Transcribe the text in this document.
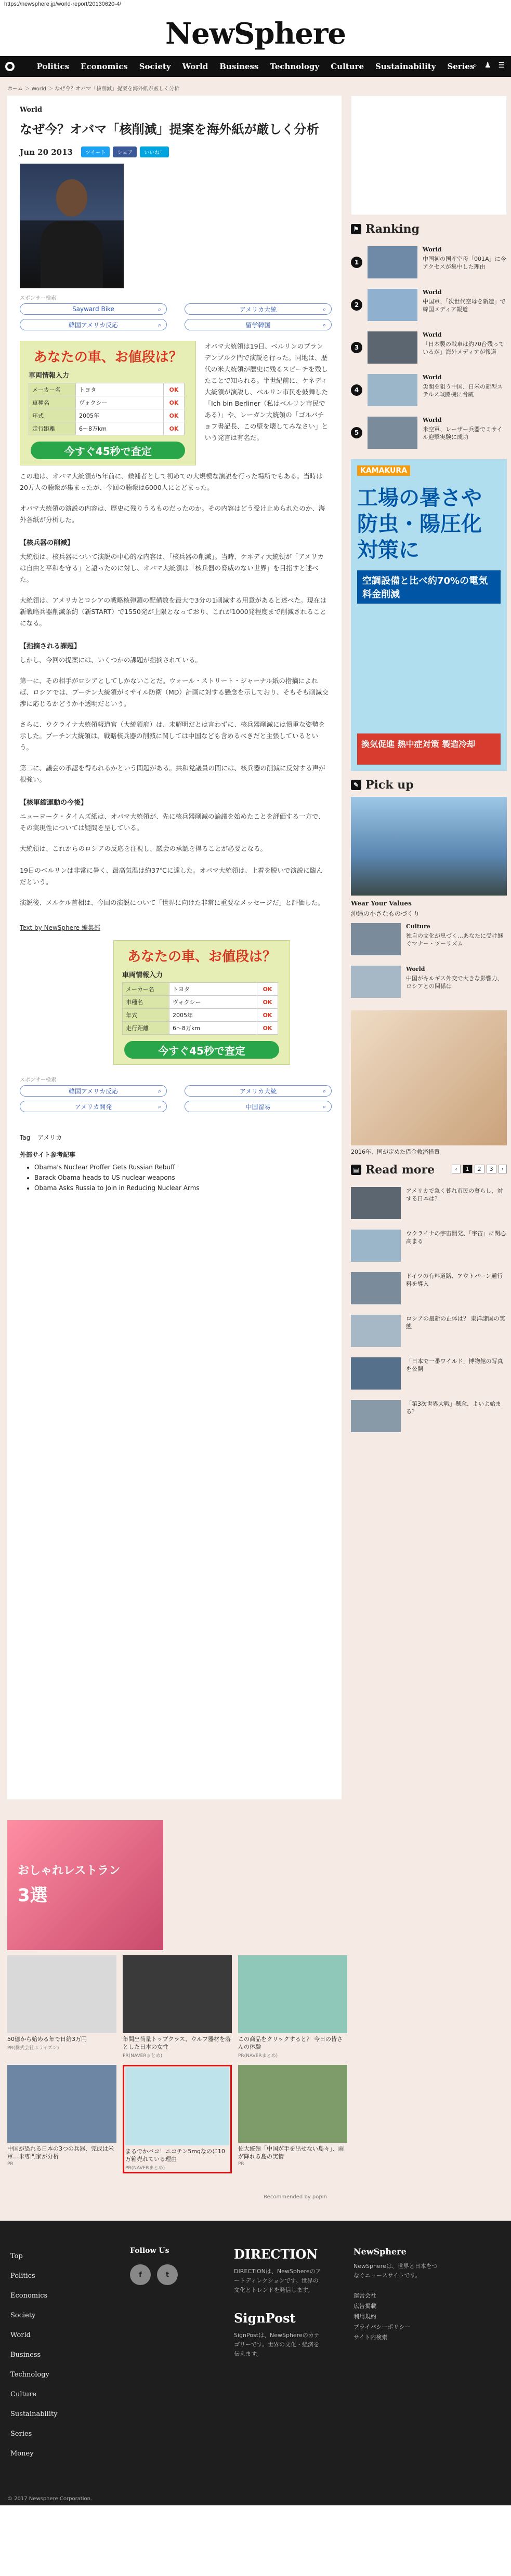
https://newsphere.jp/world-report/20130620-4/
NewSphere
Politics Economics Society World Business Technology Culture Sustainability Series
⌕ ♟ ☰
ホーム ＞ World ＞ なぜ今？オバマ「核削減」提案を海外紙が厳しく分析
World
なぜ今？オバマ「核削減」提案を海外紙が厳しく分析
Jun 20 2013	ツイート	シェア	いいね！
スポンサー検索
Sayward Bike	⌕	アメリカ大統	⌕
韓国アメリカ反応	⌕	留学韓国	⌕
あなたの車、お値段は？
車両情報入力
メーカー名	トヨタ	OK
車種名	ヴォクシー	OK
年式	2005年	OK
走行距離	6〜8万km	OK
今すぐ45秒で査定

オバマ大統領は19日、ベルリンのブランデンブルク門で演説を行った。同地は、歴代の米大統領が歴史に残るスピーチを残したことで知られる。半世紀前に、ケネディ大統領が演説し、ベルリン市民を鼓舞した「Ich bin Berliner（私はベルリン市民である）」や、レーガン大統領の「ゴルバチョフ書記長、この壁を壊してみなさい」という発言は有名だ。

この地は、オバマ大統領が5年前に、候補者として初めての大規模な演説を行った場所でもある。当時は20万人の聴衆が集まったが、今回の聴衆は6000人にとどまった。

オバマ大統領の演説の内容は、歴史に残りうるものだったのか。その内容はどう受け止められたのか、海外各紙が分析した。

【核兵器の削減】

大統領は、核兵器について演説の中心的な内容は、「核兵器の削減」。当時、ケネディ大統領が「アメリカは自由と平和を守る」と語ったのに対し、オバマ大統領は「核兵器の脅威のない世界」を目指すと述べた。

大統領は、アメリカとロシアの戦略核弾頭の配備数を最大で3分の1削減する用意があると述べた。現在は新戦略兵器削減条約（新START）で1550発が上限となっており、これが1000発程度まで削減されることになる。

【指摘される課題】

しかし、今回の提案には、いくつかの課題が指摘されている。

第一に、その相手がロシアとしてしかないことだ。ウォール・ストリート・ジャーナル紙の指摘によれば、ロシアでは、プーチン大統領がミサイル防衛（MD）計画に対する懸念を示しており、そもそも削減交渉に応じるかどうか不透明だという。

さらに、ウクライナ大統領報道官（大統領府）は、未解明だとは言わずに、核兵器削減には慎重な姿勢を示した。プーチン大統領は、戦略核兵器の削減に関しては中国なども含めるべきだと主張しているという。

第二に、議会の承認を得られるかという問題がある。共和党議員の間には、核兵器の削減に反対する声が根強い。

【核軍縮運動の今後】

ニューヨーク・タイムズ紙は、オバマ大統領が、先に核兵器削減の論議を始めたことを評価する一方で、その実現性については疑問を呈している。

大統領は、これからのロシアの反応を注視し、議会の承認を得ることが必要となる。

19日のベルリンは非常に暑く、最高気温は約37℃に達した。オバマ大統領は、上着を脱いで演説に臨んだという。

演説後、メルケル首相は、今回の演説について「世界に向けた非常に重要なメッセージだ」と評価した。

Text by NewSphere 編集部
あなたの車、お値段は？
車両情報入力
メーカー名	トヨタ	OK
車種名	ヴォクシー	OK
年式	2005年	OK
走行距離	6〜8万km	OK
今すぐ45秒で査定
スポンサー検索
韓国アメリカ反応	⌕	アメリカ大統	⌕
アメリカ開発	⌕	中国留易	⌕
Tag アメリカ
外部サイト参考記事
• Obama's Nuclear Proffer Gets Russian Rebuff
• Barack Obama heads to US nuclear weapons
• Obama Asks Russia to Join in Reducing Nuclear Arms
⚑ Ranking
1
World
中国初の国産空母「001A」に今アクセスが集中した理由
2
World
中国軍、「次世代空母を新造」で韓国メディア報道
3
World
「日本製の戦車は約70台残っているが」海外メディアが報道
4
World
尖閣を狙う中国、日米の新型ステルス戦闘機に脅威
5
World
米空軍、レーザー兵器でミサイル迎撃実験に成功
KAMAKURA
工場の暑さや防虫・陽圧化対策に
空調設備と比べ約70%の電気料金削減
換気促進 熱中症対策 製造冷却
✎ Pick up
Wear Your Values
沖縄の小さなものづくり
Culture
独自の文化が息づく…あなたに受け継ぐマナー・ツーリズム
World
中国がキルギス外交で大きな影響力、ロシアとの関係は
2016年、国が定めた借金救済措置
▤ Read more	‹	1	2	3	›
アメリカで急く暮れ市民の暮らし、対する日本は？
ウクライナの宇宙開発、「宇宙」に関心高まる
ドイツの有料道路、アウトバーン通行料を導入
ロシアの最新の正体は？ 東洋諸国の実態
「日本で一番ワイルド」博物館の写真を公開
「第3次世界大戦」懸念、よいよ始まる？
おしゃれレストラン
3選
50億から始める年で日給3万円
PR(株式会社ホライズン)
年間出荷量トップクラス、ウルフ器材を落とした日本の女性
PR(NAVERまとめ)
この商品をクリックすると？ 今日の皆さんの体験
PR(NAVERまとめ)
中国が恐れる日本の3つの兵器、完成は米軍…米専門家が分析
PR
まるでかバコ！ニコチン5mgなのに10万箱売れている理由
PR(NAVERまとめ)
佐大統領「中国が手を出せない島々」、雨が降れる島の実情
PR
Recommended by popIn
Top
Politics
Economics
Society
World
Business
Technology
Culture
Sustainability
Series
Money
Follow Us
f	t
DIRECTION
DIRECTIONは、NewSphereのアートディレクションです。世界の文化とトレンドを発信します。
SignPost
SignPostは、NewSphereのカテゴリーです。世界の文化・経済を伝えます。
NewSphere
NewSphereは、世界と日本をつなぐニュースサイトです。
運営会社
広告掲載
利用規約
プライバシーポリシー
サイト内検索
© 2017 Newsphere Corporation.
